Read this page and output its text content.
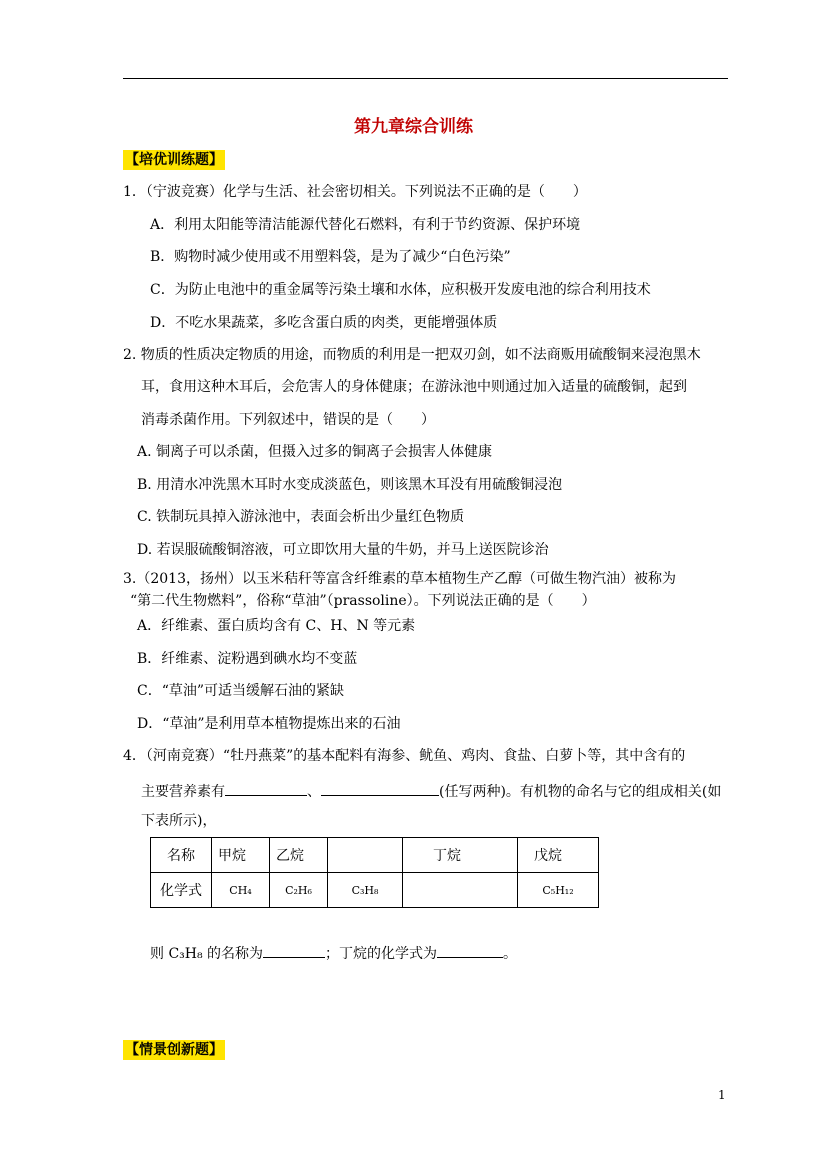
第九章综合训练
【培优训练题】
1．（宁波竞赛）化学与生活、社会密切相关。下列说法不正确的是（　　）
A．利用太阳能等清洁能源代替化石燃料，有利于节约资源、保护环境
B．购物时减少使用或不用塑料袋，是为了减少“白色污染”
C．为防止电池中的重金属等污染土壤和水体，应积极开发废电池的综合利用技术
D．不吃水果蔬菜，多吃含蛋白质的肉类，更能增强体质
2. 物质的性质决定物质的用途，而物质的利用是一把双刃剑，如不法商贩用硫酸铜来浸泡黑木
耳，食用这种木耳后，会危害人的身体健康；在游泳池中则通过加入适量的硫酸铜，起到
消毒杀菌作用。下列叙述中，错误的是（　　）
A. 铜离子可以杀菌，但摄入过多的铜离子会损害人体健康
B. 用清水冲洗黑木耳时水变成淡蓝色，则该黑木耳没有用硫酸铜浸泡
C. 铁制玩具掉入游泳池中，表面会析出少量红色物质
D. 若误服硫酸铜溶液，可立即饮用大量的牛奶，并马上送医院诊治
3.（2013，扬州）以玉米秸秆等富含纤维素的草本植物生产乙醇（可做生物汽油）被称为
“第二代生物燃料”，俗称“草油”（prassoline）。下列说法正确的是（　　）
A．纤维素、蛋白质均含有 C、H、N 等元素
B．纤维素、淀粉遇到碘水均不变蓝
C．“草油”可适当缓解石油的紧缺
D．“草油”是利用草本植物提炼出来的石油
4．（河南竞赛）“牡丹燕菜”的基本配料有海参、鱿鱼、鸡肉、食盐、白萝卜等，其中含有的
主要营养素有	、	(任写两种)。有机物的命名与它的组成相关(如
下表所示)，
名称	甲烷	乙烷		丁烷	戊烷
化学式	CH₄	C₂H₆	C₃H₈		C₅H₁₂
则 C₃H₈ 的名称为	；丁烷的化学式为	。
【情景创新题】
1
